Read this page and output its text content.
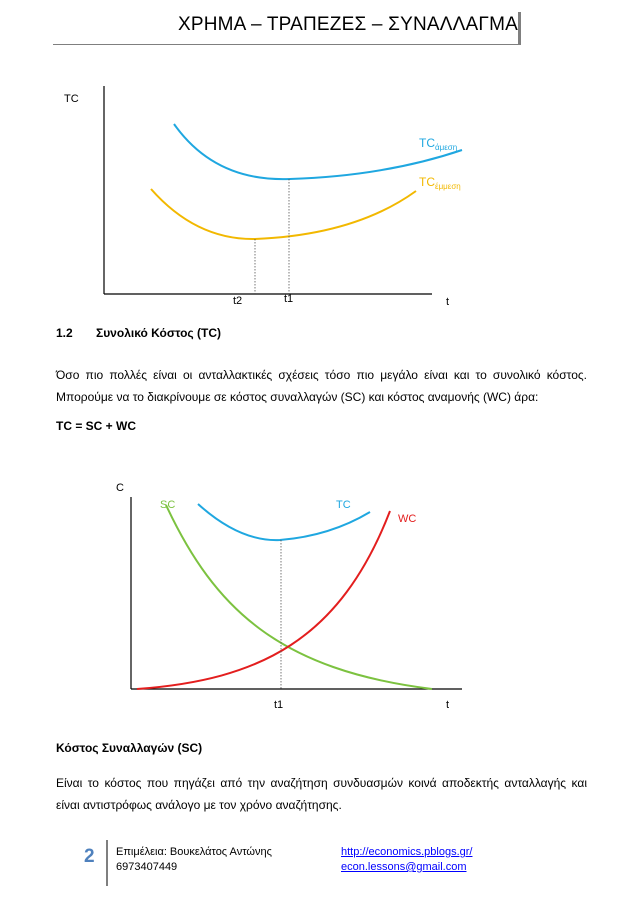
ΧΡΗΜΑ – ΤΡΑΠΕΖΕΣ – ΣΥΝΑΛΛΑΓΜΑ
TC
t
t2	t1
TCάμεση
TCέμμεση
1.2 Συνολικό Κόστος (TC)
Όσο πιο πολλές είναι οι ανταλλακτικές σχέσεις τόσο πιο μεγάλο είναι και το συνολικό κόστος.
Μπορούμε να το διακρίνουμε σε κόστος συναλλαγών (SC) και κόστος αναμονής (WC) άρα:
TC = SC + WC
C
t
t1
SC	TC
WC
Κόστος Συναλλαγών (SC)
Είναι το κόστος που πηγάζει από την αναζήτηση συνδυασμών κοινά αποδεκτής ανταλλαγής και
είναι αντιστρόφως ανάλογο με τον χρόνο αναζήτησης.
2 Επιμέλεια: Βουκελάτος Αντώνης
6973407449
http://economics.pblogs.gr/
econ.lessons@gmail.com
